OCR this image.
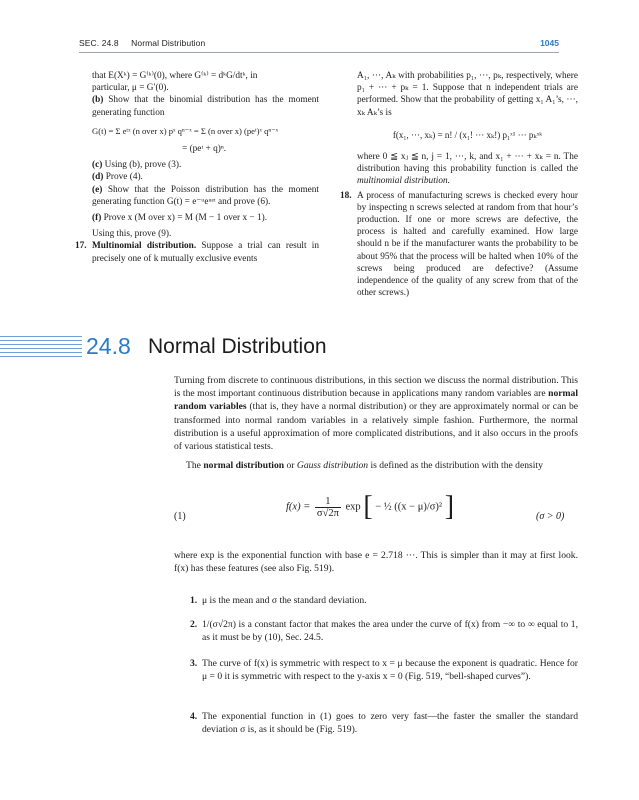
SEC. 24.8 Normal Distribution	1045

that E(Xᵏ) = G⁽ᵏ⁾(0), where G⁽ᵏ⁾ = dᵏG/dtᵏ, in

particular, μ = G′(0).

(b) Show that the binomial distribution has the moment generating function

G(t) = Σ eᵗˣ (n over x) pˣ qⁿ⁻ˣ = Σ (n over x) (peᵗ)ˣ qⁿ⁻ˣ
= (peᵗ + q)ⁿ.

(c) Using (b), prove (3).

(d) Prove (4).

(e) Show that the Poisson distribution has the moment generating function G(t) = e⁻ᵘeᵘᵉᵗ and prove (6).

(f) Prove x (M over x) = M (M − 1 over x − 1).

Using this, prove (9).

17. Multinomial distribution. Suppose a trial can result in precisely one of k mutually exclusive events

A₁, ···, Aₖ with probabilities p₁, ···, pₖ, respectively, where p₁ + ··· + pₖ = 1. Suppose that n independent trials are performed. Show that the probability of getting x₁ A₁’s, ···, xₖ Aₖ’s is

f(x₁, ···, xₖ) = n! / (x₁! ··· xₖ!) p₁ˣ¹ ··· pₖˣᵏ

where 0 ≦ xⱼ ≦ n, j = 1, ···, k, and x₁ + ··· + xₖ = n. The distribution having this probability function is called the multinomial distribution.

18. A process of manufacturing screws is checked every hour by inspecting n screws selected at random from that hour’s production. If one or more screws are defective, the process is halted and carefully examined. How large should n be if the manufacturer wants the probability to be about 95% that the process will be halted when 10% of the screws being produced are defective? (Assume independence of the quality of any screw from that of the other screws.)

24.8 Normal Distribution

Turning from discrete to continuous distributions, in this section we discuss the normal distribution. This is the most important continuous distribution because in applications many random variables are normal random variables (that is, they have a normal distribution) or they are approximately normal or can be transformed into normal random variables in a relatively simple fashion. Furthermore, the normal distribution is a useful approximation of more complicated distributions, and it also occurs in the proofs of various statistical tests.

The normal distribution or Gauss distribution is defined as the distribution with the density

(1)
$f(x) = \frac{1}{\sigma√2\pi}$ exp [ − ½ ((x − μ)/σ)² ]	(σ > 0)

where exp is the exponential function with base e = 2.718 ···. This is simpler than it may at first look. f(x) has these features (see also Fig. 519).

1. μ is the mean and σ the standard deviation.
2. 1/(σ√2π) is a constant factor that makes the area under the curve of f(x) from −∞ to ∞ equal to 1, as it must be by (10), Sec. 24.5.
3. The curve of f(x) is symmetric with respect to x = μ because the exponent is quadratic. Hence for μ = 0 it is symmetric with respect to the y-axis x = 0 (Fig. 519, “bell-shaped curves”).
4. The exponential function in (1) goes to zero very fast—the faster the smaller the standard deviation σ is, as it should be (Fig. 519).
